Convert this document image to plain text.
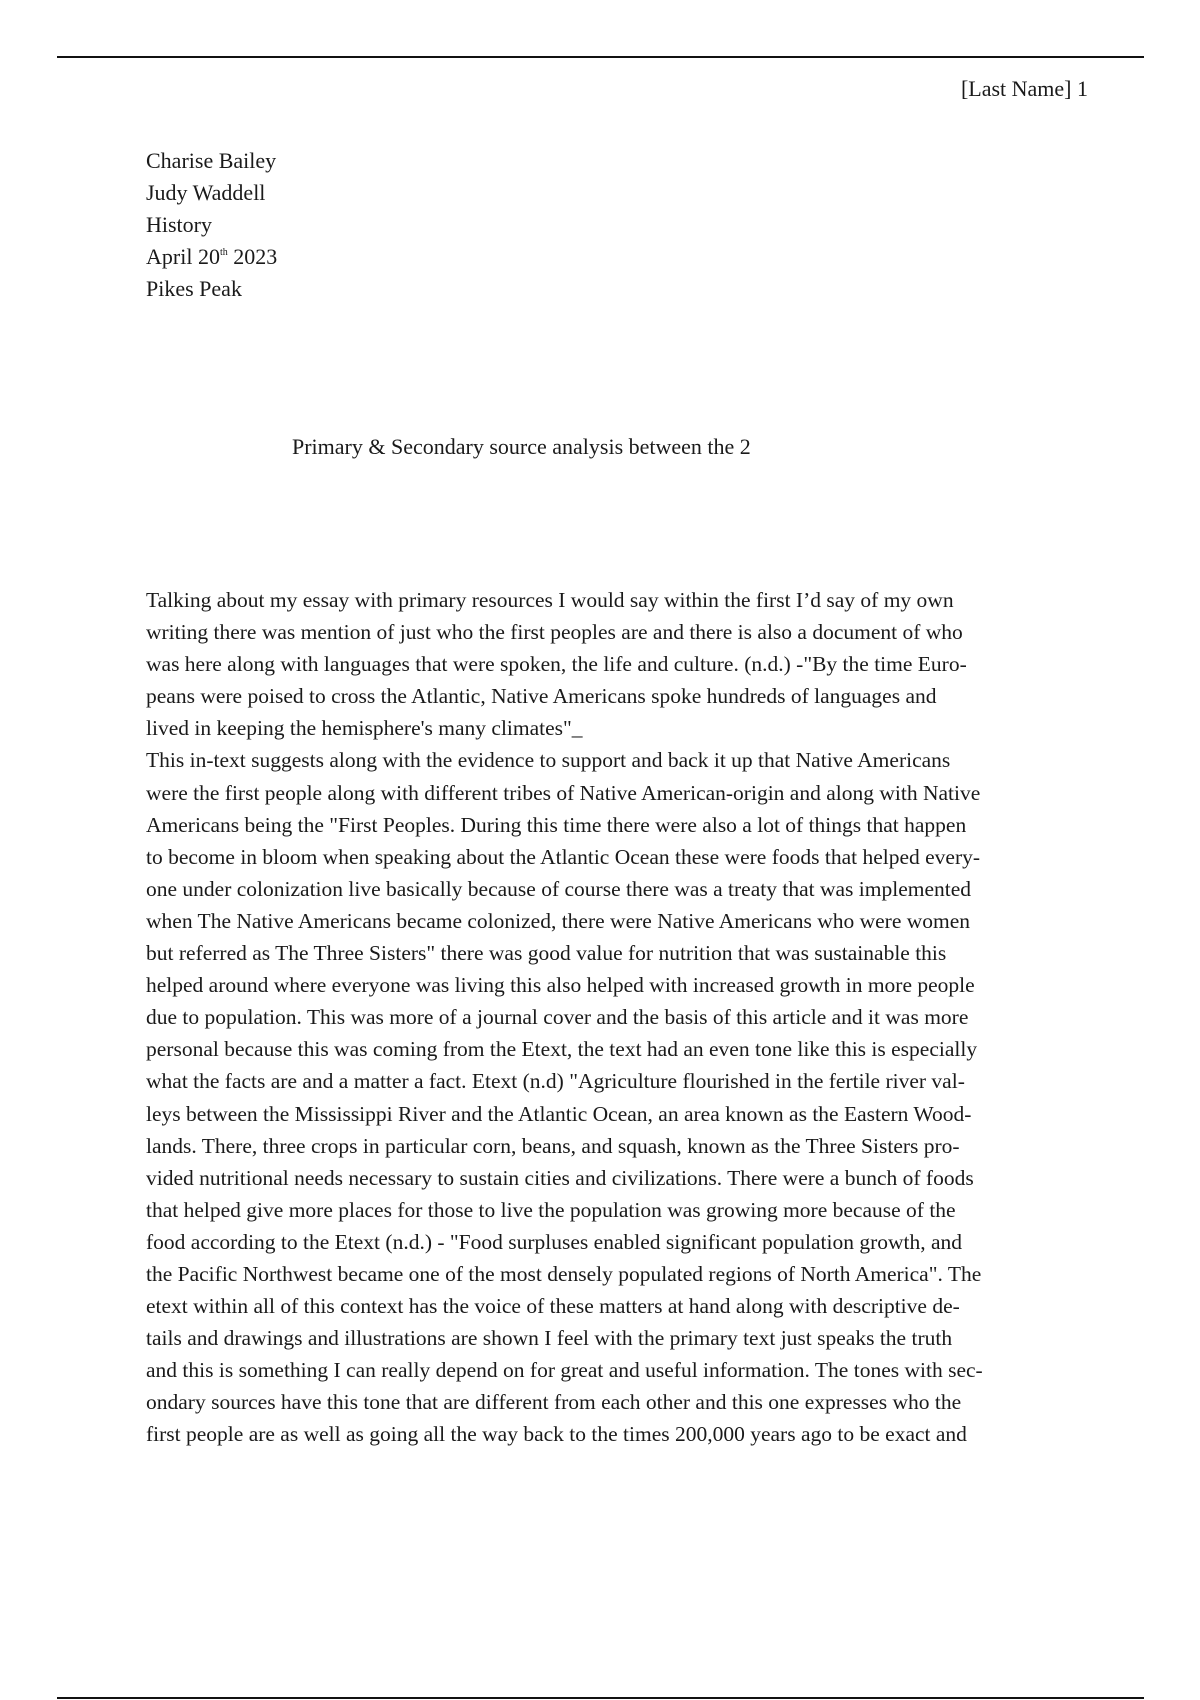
[Last Name] 1
Charise Bailey
Judy Waddell
History
April 20th 2023
Pikes Peak
Primary & Secondary source analysis between the 2
Talking about my essay with primary resources I would say within the first I’d say of my own
writing there was mention of just who the first peoples are and there is also a document of who
was here along with languages that were spoken, the life and culture. (n.d.) -"By the time Euro-
peans were poised to cross the Atlantic, Native Americans spoke hundreds of languages and
lived in keeping the hemisphere's many climates"_
This in-text suggests along with the evidence to support and back it up that Native Americans
were the first people along with different tribes of Native American-origin and along with Native
Americans being the "First Peoples. During this time there were also a lot of things that happen
to become in bloom when speaking about the Atlantic Ocean these were foods that helped every-
one under colonization live basically because of course there was a treaty that was implemented
when The Native Americans became colonized, there were Native Americans who were women
but referred as The Three Sisters" there was good value for nutrition that was sustainable this
helped around where everyone was living this also helped with increased growth in more people
due to population. This was more of a journal cover and the basis of this article and it was more
personal because this was coming from the Etext, the text had an even tone like this is especially
what the facts are and a matter a fact. Etext (n.d) "Agriculture flourished in the fertile river val-
leys between the Mississippi River and the Atlantic Ocean, an area known as the Eastern Wood-
lands. There, three crops in particular corn, beans, and squash, known as the Three Sisters pro-
vided nutritional needs necessary to sustain cities and civilizations. There were a bunch of foods
that helped give more places for those to live the population was growing more because of the
food according to the Etext (n.d.) - "Food surpluses enabled significant population growth, and
the Pacific Northwest became one of the most densely populated regions of North America". The
etext within all of this context has the voice of these matters at hand along with descriptive de-
tails and drawings and illustrations are shown I feel with the primary text just speaks the truth
and this is something I can really depend on for great and useful information. The tones with sec-
ondary sources have this tone that are different from each other and this one expresses who the
first people are as well as going all the way back to the times 200,000 years ago to be exact and
